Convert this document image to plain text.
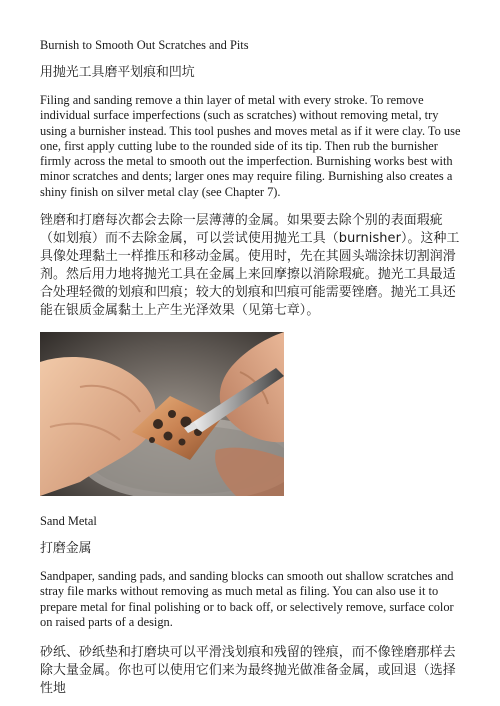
Burnish to Smooth Out Scratches and Pits

用抛光工具磨平划痕和凹坑

Filing and sanding remove a thin layer of metal with every stroke. To remove individual surface imperfections (such as scratches) without removing metal, try using a burnisher instead. This tool pushes and moves metal as if it were clay. To use one, first apply cutting lube to the rounded side of its tip. Then rub the burnisher firmly across the metal to smooth out the imperfection. Burnishing works best with minor scratches and dents; larger ones may require filing. Burnishing also creates a shiny finish on silver metal clay (see Chapter 7).

锉磨和打磨每次都会去除一层薄薄的金属。如果要去除个别的表面瑕疵（如划痕）而不去除金属，可以尝试使用抛光工具（burnisher）。这种工具像处理黏土一样推压和移动金属。使用时，先在其圆头端涂抹切割润滑剂。然后用力地将抛光工具在金属上来回摩擦以消除瑕疵。抛光工具最适合处理轻微的划痕和凹痕；较大的划痕和凹痕可能需要锉磨。抛光工具还能在银质金属黏土上产生光泽效果（见第七章）。

Sand Metal

打磨金属

Sandpaper, sanding pads, and sanding blocks can smooth out shallow scratches and stray file marks without removing as much metal as filing. You can also use it to prepare metal for final polishing or to back off, or selectively remove, surface color on raised parts of a design.

砂纸、砂纸垫和打磨块可以平滑浅划痕和残留的锉痕，而不像锉磨那样去除大量金属。你也可以使用它们来为最终抛光做准备金属，或回退（选择性地
